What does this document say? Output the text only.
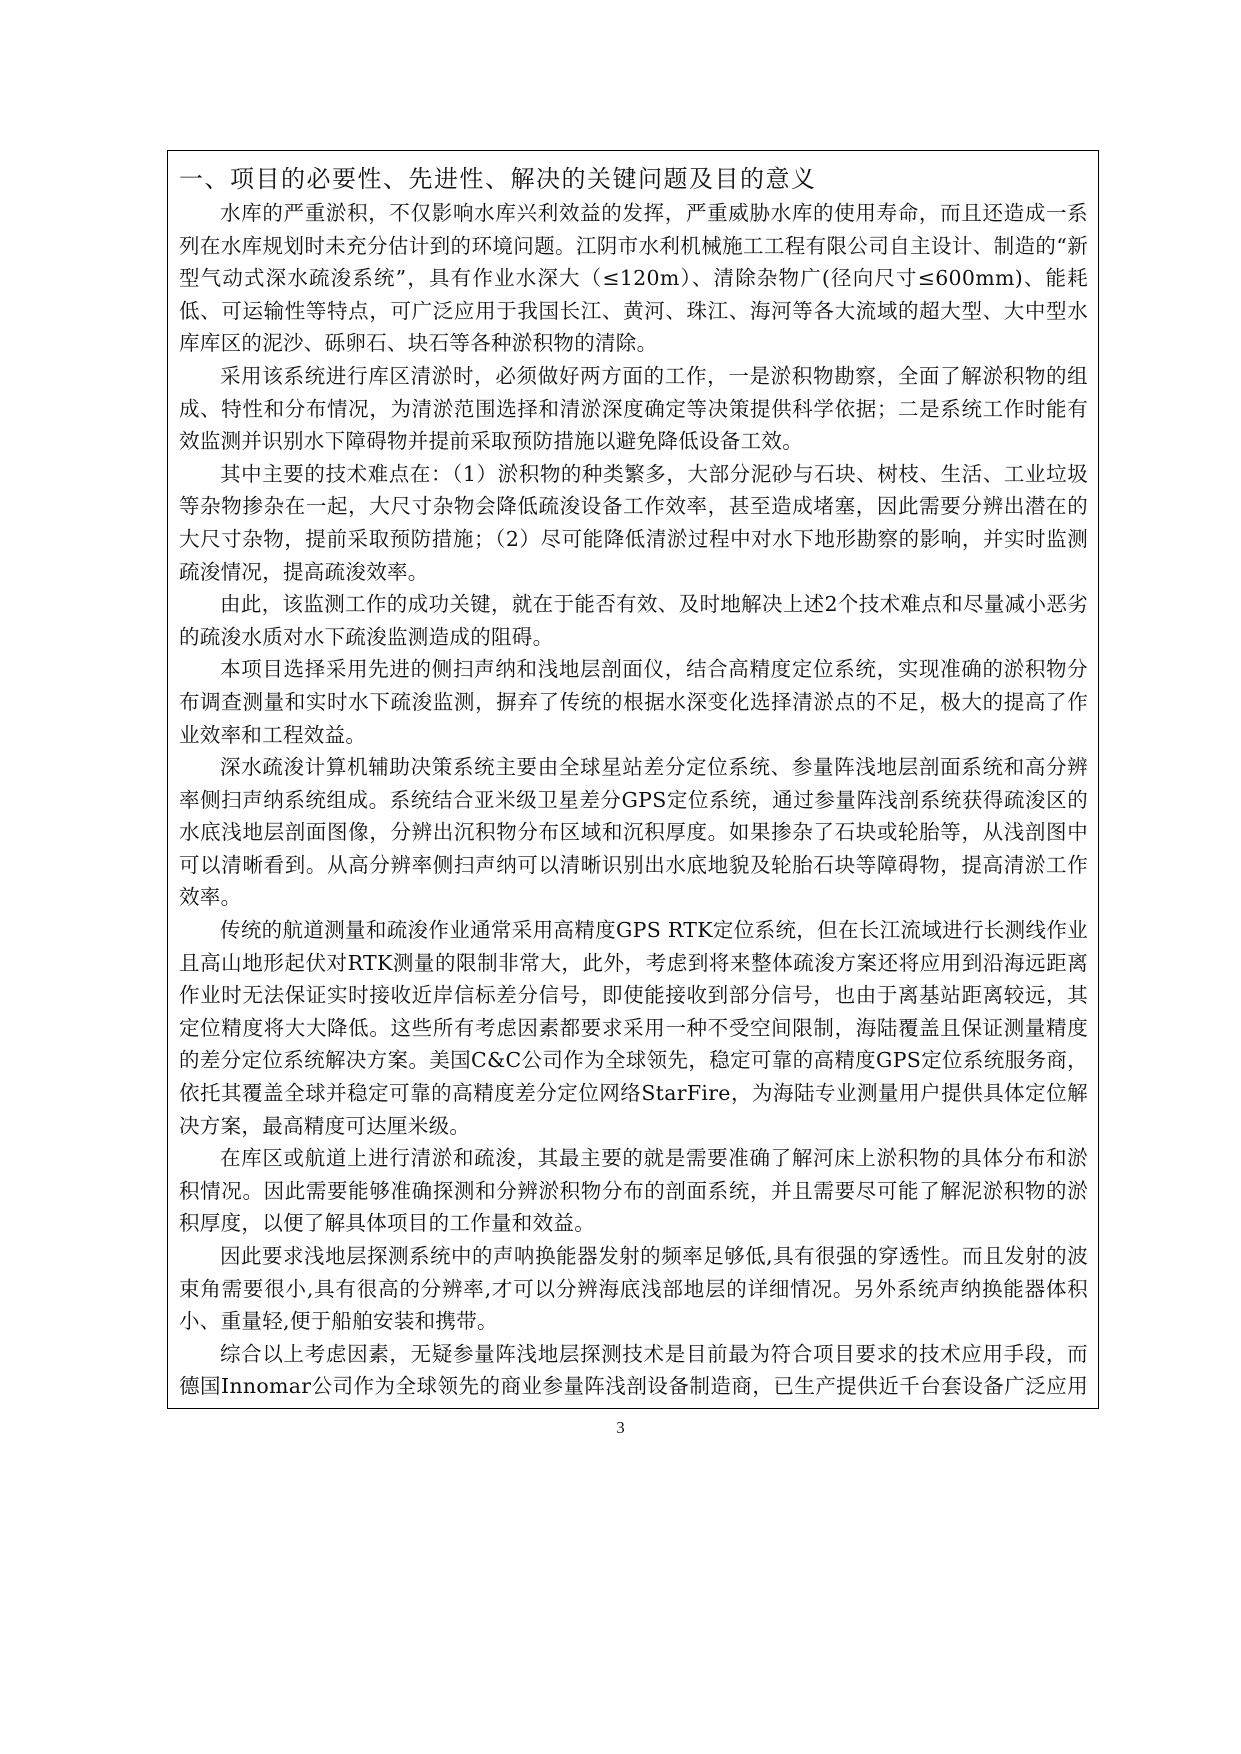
一、项目的必要性、先进性、解决的关键问题及目的意义

水库的严重淤积，不仅影响水库兴利效益的发挥，严重威胁水库的使用寿命，而且还造成一系列在水库规划时未充分估计到的环境问题。江阴市水利机械施工工程有限公司自主设计、制造的“新型气动式深水疏浚系统”，具有作业水深大（≤120m）、清除杂物广(径向尺寸≤600mm)、能耗低、可运输性等特点，可广泛应用于我国长江、黄河、珠江、海河等各大流域的超大型、大中型水库库区的泥沙、砾卵石、块石等各种淤积物的清除。

采用该系统进行库区清淤时，必须做好两方面的工作，一是淤积物勘察，全面了解淤积物的组成、特性和分布情况，为清淤范围选择和清淤深度确定等决策提供科学依据；二是系统工作时能有效监测并识别水下障碍物并提前采取预防措施以避免降低设备工效。

其中主要的技术难点在：（1）淤积物的种类繁多，大部分泥砂与石块、树枝、生活、工业垃圾等杂物掺杂在一起，大尺寸杂物会降低疏浚设备工作效率，甚至造成堵塞，因此需要分辨出潜在的大尺寸杂物，提前采取预防措施；（2）尽可能降低清淤过程中对水下地形勘察的影响，并实时监测疏浚情况，提高疏浚效率。

由此，该监测工作的成功关键，就在于能否有效、及时地解决上述2个技术难点和尽量减小恶劣的疏浚水质对水下疏浚监测造成的阻碍。

本项目选择采用先进的侧扫声纳和浅地层剖面仪，结合高精度定位系统，实现准确的淤积物分布调查测量和实时水下疏浚监测，摒弃了传统的根据水深变化选择清淤点的不足，极大的提高了作业效率和工程效益。

深水疏浚计算机辅助决策系统主要由全球星站差分定位系统、参量阵浅地层剖面系统和高分辨率侧扫声纳系统组成。系统结合亚米级卫星差分GPS定位系统，通过参量阵浅剖系统获得疏浚区的水底浅地层剖面图像，分辨出沉积物分布区域和沉积厚度。如果掺杂了石块或轮胎等，从浅剖图中可以清晰看到。从高分辨率侧扫声纳可以清晰识别出水底地貌及轮胎石块等障碍物，提高清淤工作效率。

传统的航道测量和疏浚作业通常采用高精度GPS RTK定位系统，但在长江流域进行长测线作业且高山地形起伏对RTK测量的限制非常大，此外，考虑到将来整体疏浚方案还将应用到沿海远距离作业时无法保证实时接收近岸信标差分信号，即使能接收到部分信号，也由于离基站距离较远，其定位精度将大大降低。这些所有考虑因素都要求采用一种不受空间限制，海陆覆盖且保证测量精度的差分定位系统解决方案。美国C&C公司作为全球领先，稳定可靠的高精度GPS定位系统服务商，依托其覆盖全球并稳定可靠的高精度差分定位网络StarFire，为海陆专业测量用户提供具体定位解决方案，最高精度可达厘米级。

在库区或航道上进行清淤和疏浚，其最主要的就是需要准确了解河床上淤积物的具体分布和淤积情况。因此需要能够准确探测和分辨淤积物分布的剖面系统，并且需要尽可能了解泥淤积物的淤积厚度，以便了解具体项目的工作量和效益。

因此要求浅地层探测系统中的声呐换能器发射的频率足够低,具有很强的穿透性。而且发射的波束角需要很小,具有很高的分辨率,才可以分辨海底浅部地层的详细情况。另外系统声纳换能器体积小、重量轻,便于船舶安装和携带。

综合以上考虑因素，无疑参量阵浅地层探测技术是目前最为符合项目要求的技术应用手段，而德国Innomar公司作为全球领先的商业参量阵浅剖设备制造商，已生产提供近千台套设备广泛应用

3
